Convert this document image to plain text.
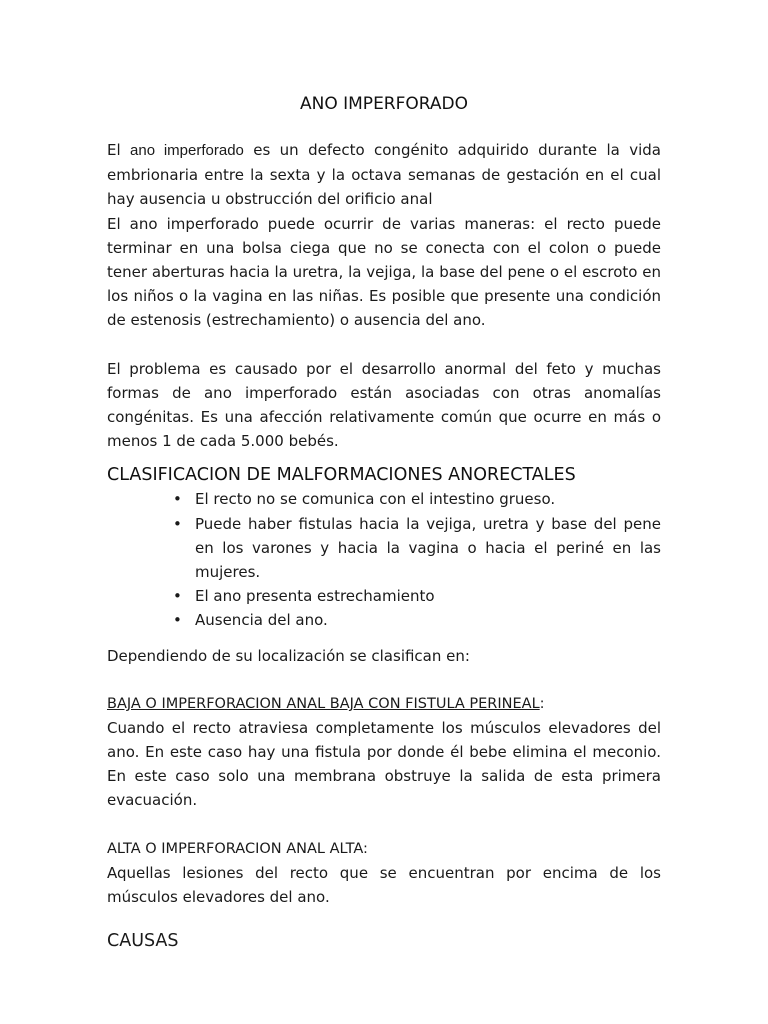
ANO IMPERFORADO

El ano imperforado es un defecto congénito adquirido durante la vida embrionaria entre la sexta y la octava semanas de gestación en el cual hay ausencia u obstrucción del orificio anal

El ano imperforado puede ocurrir de varias maneras: el recto puede terminar en una bolsa ciega que no se conecta con el colon o puede tener aberturas hacia la uretra, la vejiga, la base del pene o el escroto en los niños o la vagina en las niñas. Es posible que presente una condición de estenosis (estrechamiento) o ausencia del ano.

El problema es causado por el desarrollo anormal del feto y muchas formas de ano imperforado están asociadas con otras anomalías congénitas. Es una afección relativamente común que ocurre en más o menos 1 de cada 5.000 bebés.

CLASIFICACION DE MALFORMACIONES ANORECTALES
• El recto no se comunica con el intestino grueso.
• Puede haber fistulas hacia la vejiga, uretra y base del pene en los varones y hacia la vagina o hacia el periné en las mujeres.
• El ano presenta estrechamiento
• Ausencia del ano.

Dependiendo de su localización se clasifican en:

BAJA O IMPERFORACION ANAL BAJA CON FISTULA PERINEAL:

Cuando el recto atraviesa completamente los músculos elevadores del ano. En este caso hay una fistula por donde él bebe elimina el meconio. En este caso solo una membrana obstruye la salida de esta primera evacuación.

ALTA O IMPERFORACION ANAL ALTA:

Aquellas lesiones del recto que se encuentran por encima de los músculos elevadores del ano.

CAUSAS
